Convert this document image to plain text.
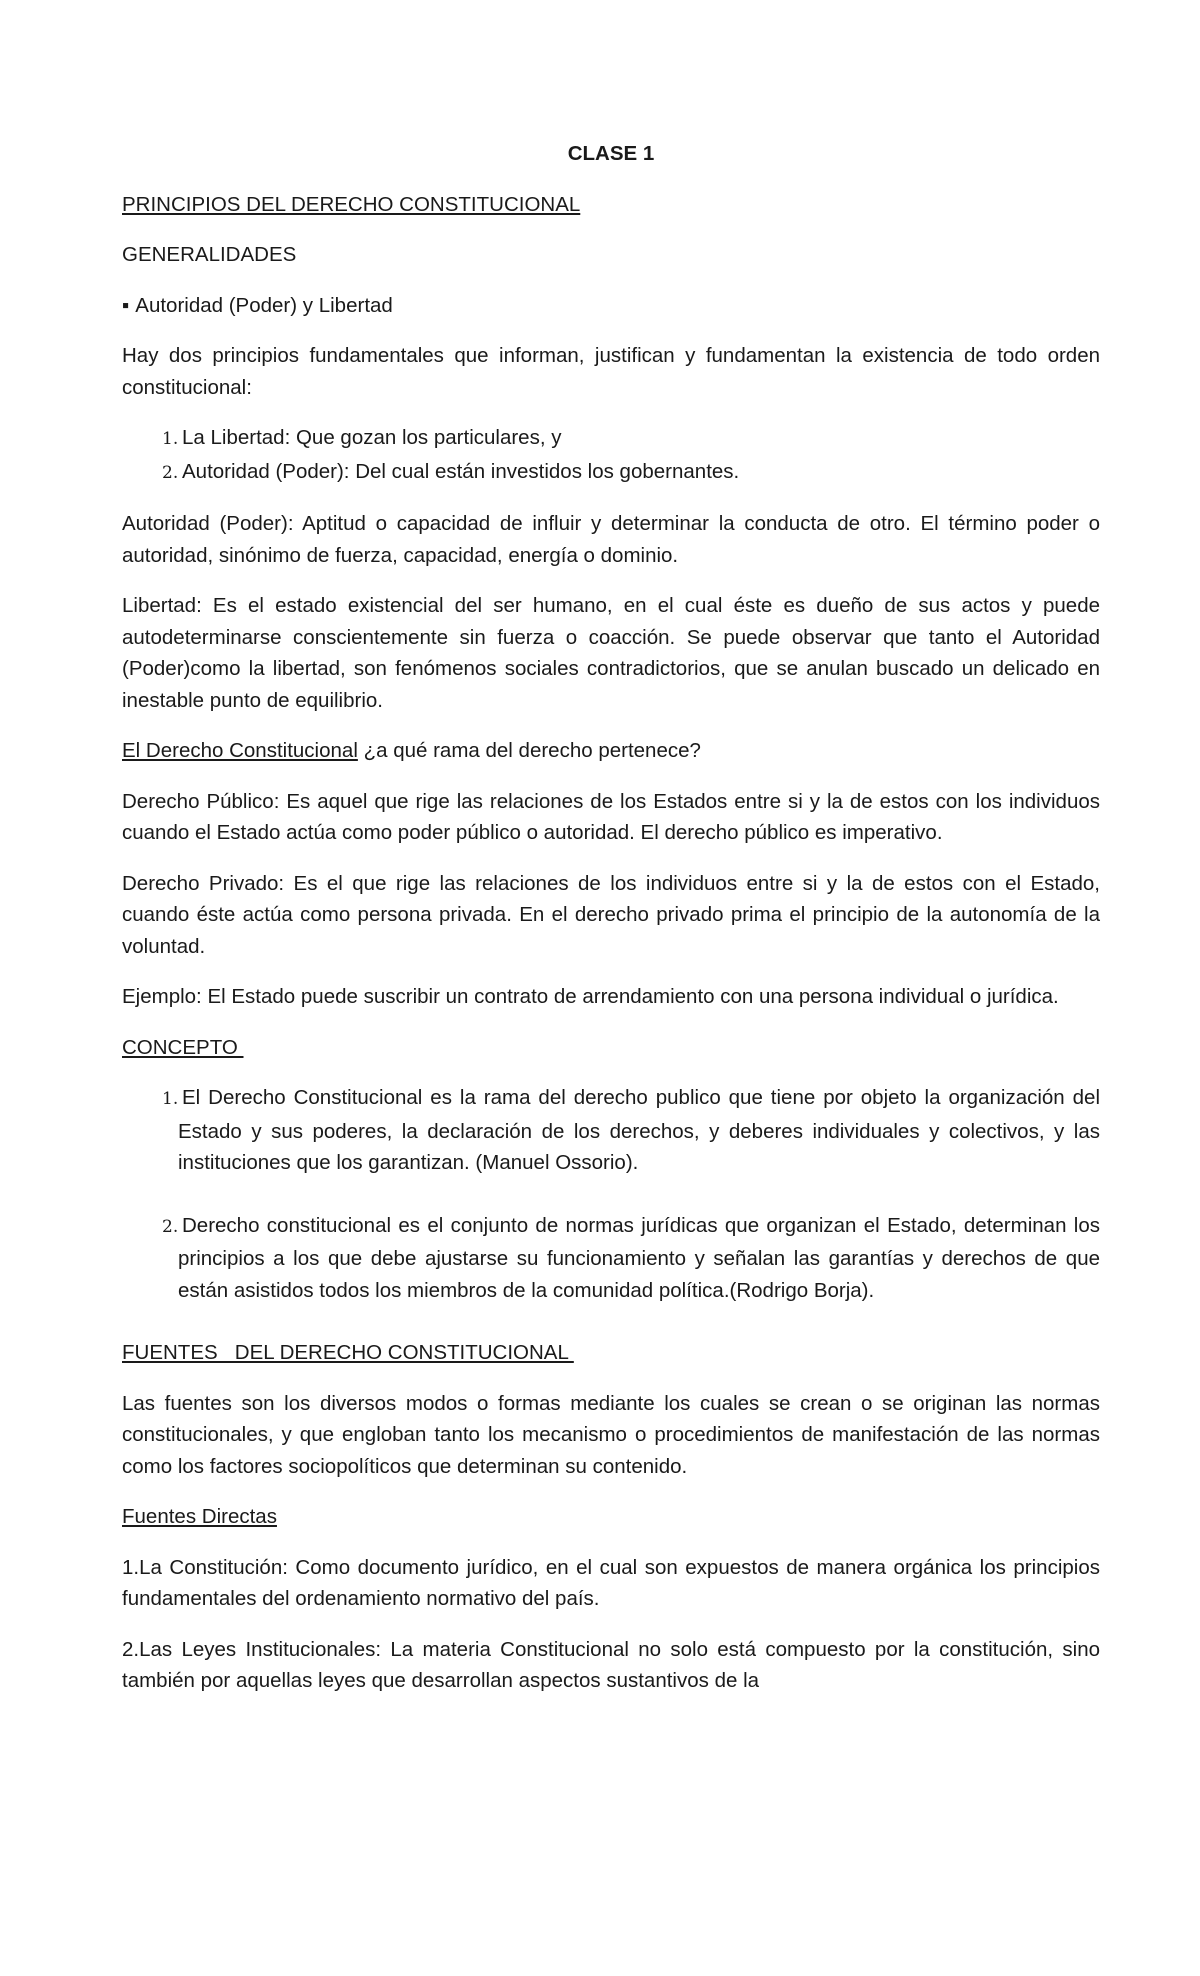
CLASE 1

PRINCIPIOS DEL DERECHO CONSTITUCIONAL

GENERALIDADES

▪ Autoridad (Poder) y Libertad

Hay dos principios fundamentales que informan, justifican y fundamentan la existencia de todo orden constitucional:

1. La Libertad: Que gozan los particulares, y
2. Autoridad (Poder): Del cual están investidos los gobernantes.

Autoridad (Poder): Aptitud o capacidad de influir y determinar la conducta de otro. El término poder o autoridad, sinónimo de fuerza, capacidad, energía o dominio.

Libertad: Es el estado existencial del ser humano, en el cual éste es dueño de sus actos y puede autodeterminarse conscientemente sin fuerza o coacción. Se puede observar que tanto el Autoridad (Poder)como la libertad, son fenómenos sociales contradictorios, que se anulan buscado un delicado en inestable punto de equilibrio.

El Derecho Constitucional ¿a qué rama del derecho pertenece?

Derecho Público: Es aquel que rige las relaciones de los Estados entre si y la de estos con los individuos cuando el Estado actúa como poder público o autoridad. El derecho público es imperativo.

Derecho Privado: Es el que rige las relaciones de los individuos entre si y la de estos con el Estado, cuando éste actúa como persona privada. En el derecho privado prima el principio de la autonomía de la voluntad.

Ejemplo: El Estado puede suscribir un contrato de arrendamiento con una persona individual o jurídica.

CONCEPTO

1. El Derecho Constitucional es la rama del derecho publico que tiene por objeto la organización del Estado y sus poderes, la declaración de los derechos, y deberes individuales y colectivos, y las instituciones que los garantizan. (Manuel Ossorio).
2. Derecho constitucional es el conjunto de normas jurídicas que organizan el Estado, determinan los principios a los que debe ajustarse su funcionamiento y señalan las garantías y derechos de que están asistidos todos los miembros de la comunidad política.(Rodrigo Borja).

FUENTES   DEL DERECHO CONSTITUCIONAL

Las fuentes son los diversos modos o formas mediante los cuales se crean o se originan las normas constitucionales, y que engloban tanto los mecanismo o procedimientos de manifestación de las normas como los factores sociopolíticos que determinan su contenido.

Fuentes Directas

1.La Constitución: Como documento jurídico, en el cual son expuestos de manera orgánica los principios fundamentales del ordenamiento normativo del país.

2.Las Leyes Institucionales: La materia Constitucional no solo está compuesto por la constitución, sino también por aquellas leyes que desarrollan aspectos sustantivos de la
